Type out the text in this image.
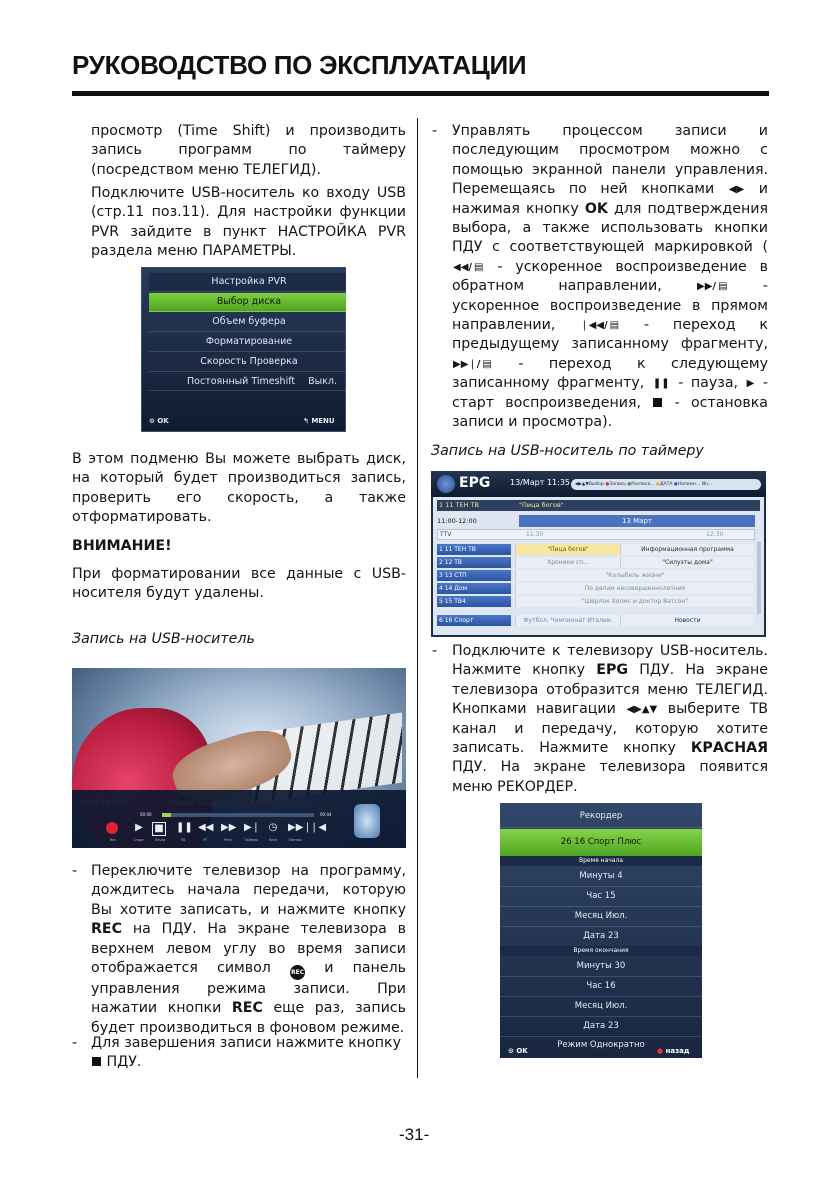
РУКОВОДСТВО ПО ЭКСПЛУАТАЦИИ
просмотр (Time Shift) и производить запись программ по таймеру (посредством меню ТЕЛЕГИД).
Подключите USB-носитель ко входу USB (стр.11 поз.11). Для настройки функции PVR зайдите в пункт НАСТРОЙКА PVR раздела меню ПАРАМЕТРЫ.
Настройка PVR
Выбор диска
Объем буфера
Форматирование
Скорость Проверка
Постоянный Timeshift Выкл.
⊙ OK	↰ MENU
В этом подменю Вы можете выбрать диск, на который будет производиться запись, проверить его скорость, а также отформатировать.
ВНИМАНИЕ!
При форматировании все данные с USB-носителя будут удалены.
Запись на USB-носитель
00:00	00:04
▶	■ ❚❚ ◀◀ ▶▶ ▶❘ ◷ ▶▶❘
❘◀
Rec	Старт	Пауза	FB	FF	Prev	Таймер	Next	Повтор
- Переключите телевизор на программу, дождитесь начала передачи, которую Вы хотите записать, и нажмите кнопку REC на ПДУ. На экране телевизора в верхнем левом углу во время записи отображается символ REC и панель управления режима записи. При нажатии кнопки REC еще раз, запись будет производиться в фоновом режиме.
- Для завершения записи нажмите кнопку
ПДУ.
-	Управлять процессом записи и последующим просмотром можно с помощью экранной панели управления. Перемещаясь по ней кнопками ◀▶ и нажимая кнопку OK для подтверждения выбора, а также использовать кнопки ПДУ с соответствующей маркировкой (◀◀/ ▤ - ускоренное воспроизведение в обратном направлении, ▶▶/ ▤ - ускоренное воспроизведение в прямом направлении, ❘◀◀/ ▤ - переход к предыдущему записанному фрагменту, ▶▶❘/ ▤ - переход к следующему записанному фрагменту, ❚❚ - пауза, ▶ - старт воспроизведения,  - остановка записи и просмотра).
Запись на USB-носитель по таймеру
EPG 13/Март 11:35	◀▶▲▼Выбор ●Запись ●Расписа... ●ДАТА ●Напомн... Ин...
1 11 ТЕН ТВ	"Пица богов"
11:00-12:00	13 Март
TTV	11:30	12:30
1 11 ТЕН ТВ	"Пица богов"	Информационная программа
2 12 ТВ	Хроники сп...	"Силуэты дома"
3 13 СТП	"Колыбель жизни"
4 14 Дом	По делам несовершеннолетних
5 15 ТВ4	"Шерлок Холмс и доктор Ватсон"
6 16 Спорт	Футбол. Чемпионат Италии.	Новости
-	Подключите к телевизору USB-носитель. Нажмите кнопку EPG ПДУ. На экране телевизора отобразится меню ТЕЛЕГИД. Кнопками навигации ◀▶▲▼ выберите ТВ канал и передачу, которую хотите записать. Нажмите кнопку КРАСНАЯ ПДУ. На экране телевизора появится меню РЕКОРДЕР.
Рекордер
26 16 Спорт Плюс
Время начала
Минуты 4
Час 15
Месяц Июл.
Дата 23
Время окончания
Минуты 30
Час 16
Месяц Июл.
Дата 23
Режим Однократно
⊙ OK	● назад
-31-
